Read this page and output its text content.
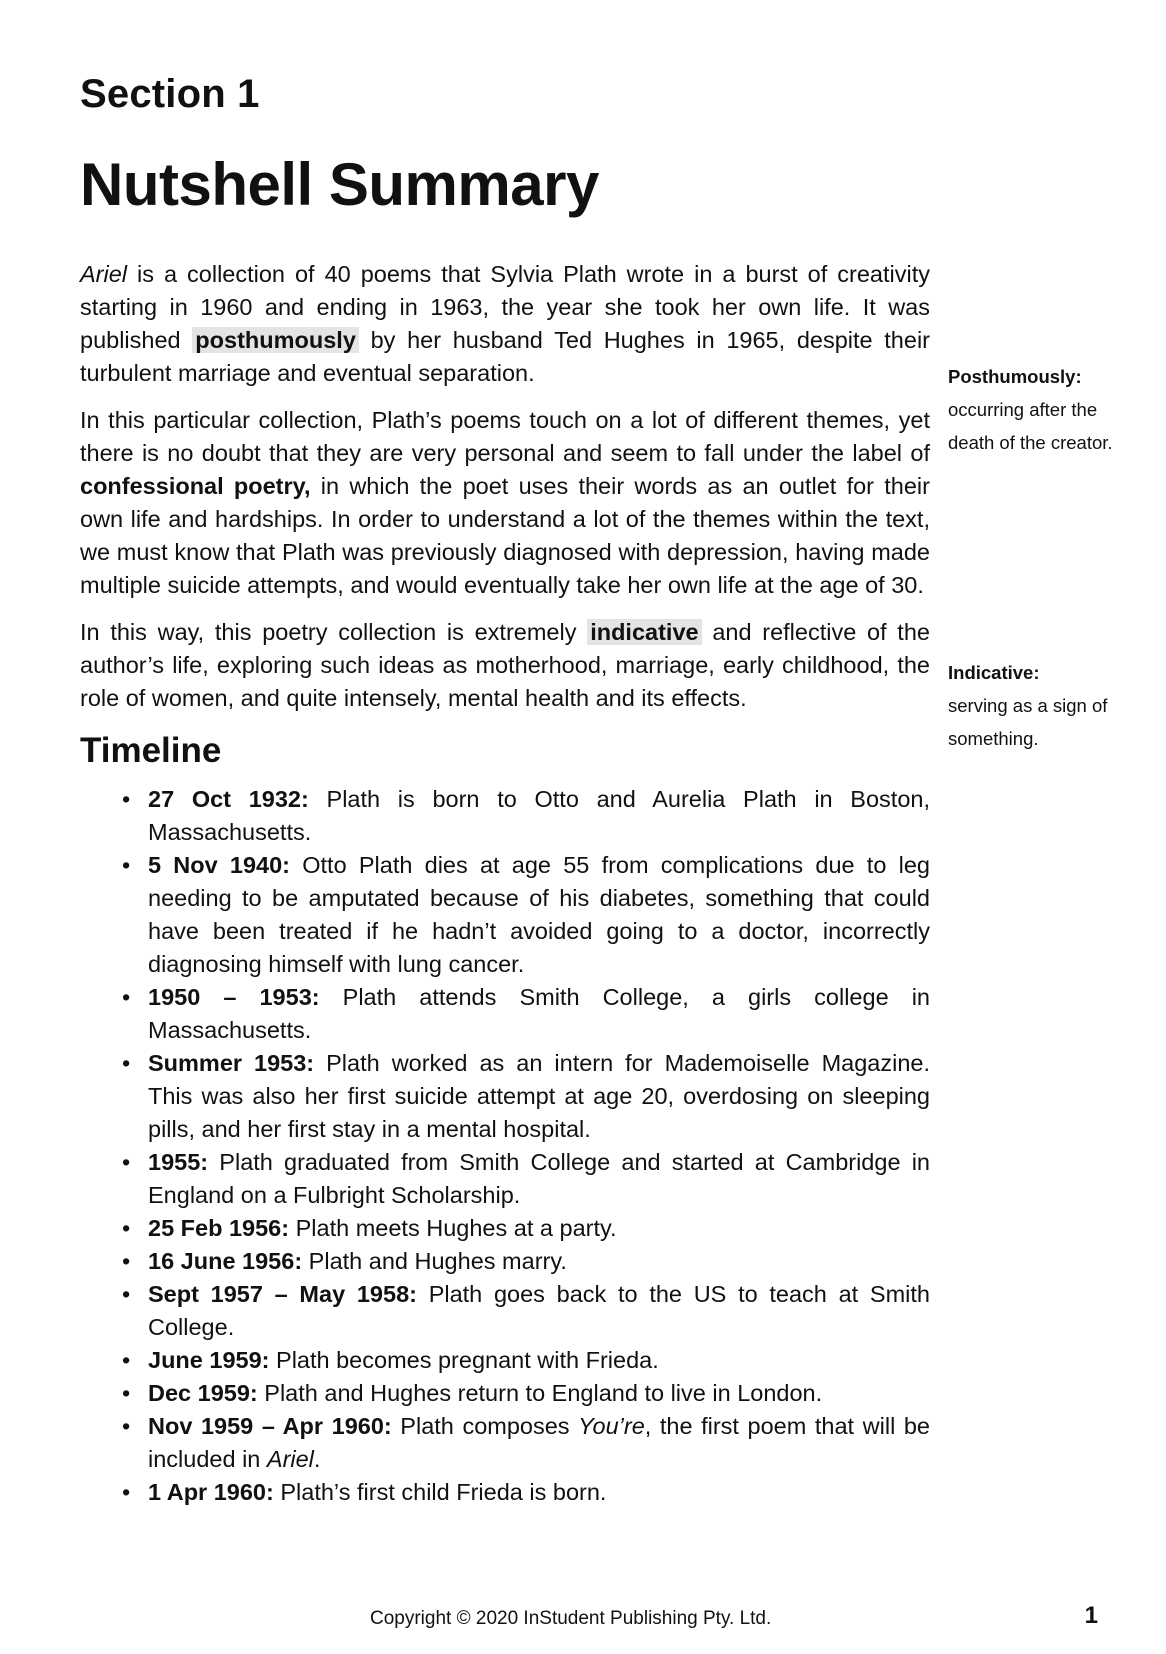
Section 1
Nutshell Summary

Ariel is a collection of 40 poems that Sylvia Plath wrote in a burst of creativity starting in 1960 and ending in 1963, the year she took her own life. It was published posthumously by her husband Ted Hughes in 1965, despite their turbulent marriage and eventual separation.

In this particular collection, Plath’s poems touch on a lot of different themes, yet there is no doubt that they are very personal and seem to fall under the label of confessional poetry, in which the poet uses their words as an outlet for their own life and hardships. In order to understand a lot of the themes within the text, we must know that Plath was previously diagnosed with depression, having made multiple suicide attempts, and would eventually take her own life at the age of 30.

In this way, this poetry collection is extremely indicative and reflective of the author’s life, exploring such ideas as motherhood, marriage, early childhood, the role of women, and quite intensely, mental health and its effects.

Timeline
• 27 Oct 1932: Plath is born to Otto and Aurelia Plath in Boston, Massachusetts.
• 5 Nov 1940: Otto Plath dies at age 55 from complications due to leg needing to be amputated because of his diabetes, something that could have been treated if he hadn’t avoided going to a doctor, incorrectly diagnosing himself with lung cancer.
• 1950 – 1953: Plath attends Smith College, a girls college in Massachusetts.
• Summer 1953: Plath worked as an intern for Mademoiselle Magazine. This was also her first suicide attempt at age 20, overdosing on sleeping pills, and her first stay in a mental hospital.
• 1955: Plath graduated from Smith College and started at Cambridge in England on a Fulbright Scholarship.
• 25 Feb 1956: Plath meets Hughes at a party.
• 16 June 1956: Plath and Hughes marry.
• Sept 1957 – May 1958: Plath goes back to the US to teach at Smith College.
• June 1959: Plath becomes pregnant with Frieda.
• Dec 1959: Plath and Hughes return to England to live in London.
• Nov 1959 – Apr 1960: Plath composes You’re, the first poem that will be included in Ariel.
• 1 Apr 1960: Plath’s first child Frieda is born.
Posthumously:
occurring after the death of the creator.
Indicative:
serving as a sign of something.
Copyright © 2020 InStudent Publishing Pty. Ltd.	1
